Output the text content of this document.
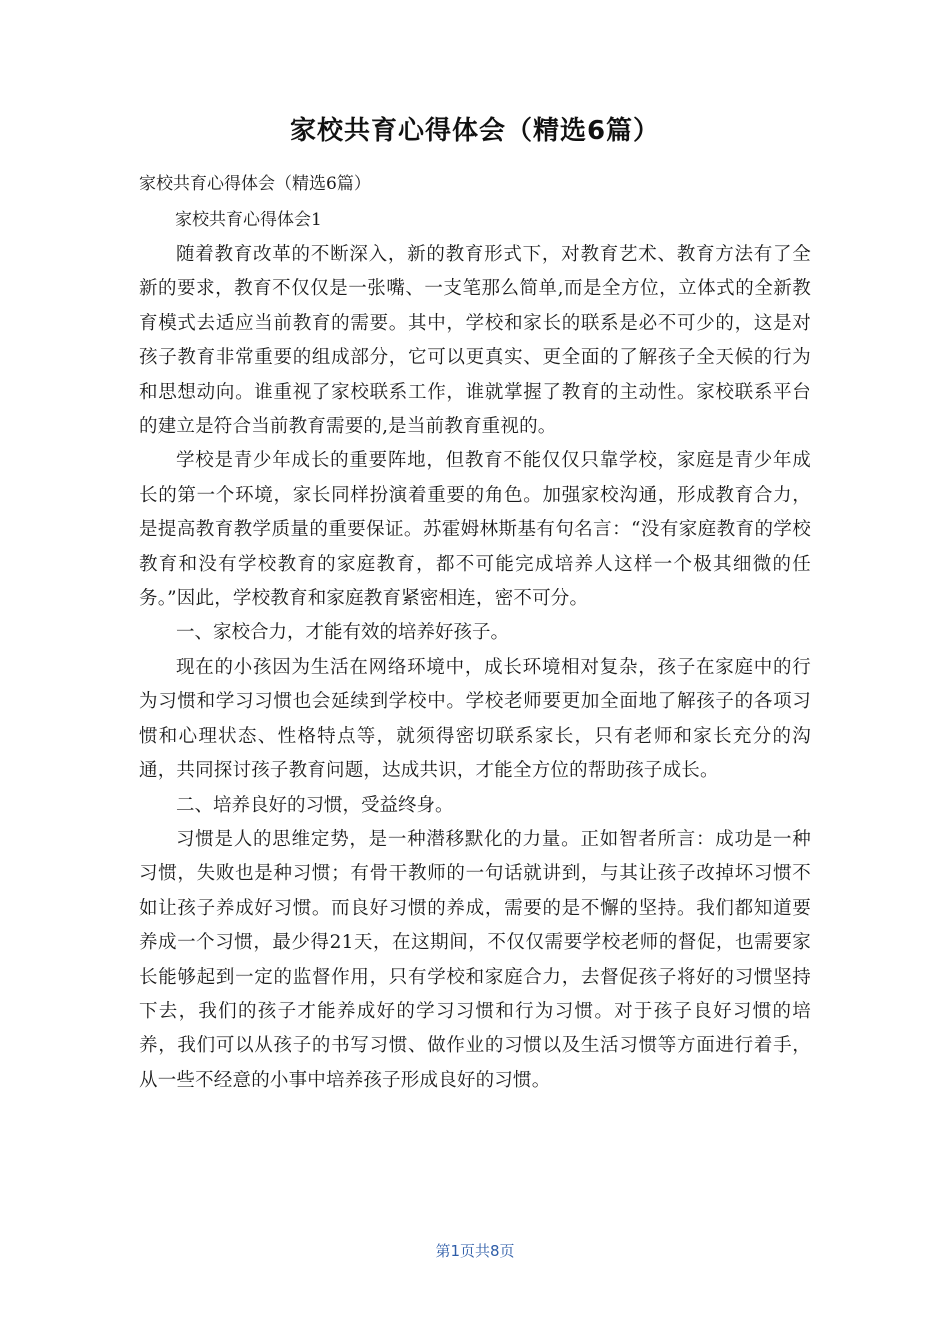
家校共育心得体会（精选6篇）

家校共育心得体会（精选6篇）

家校共育心得体会1

随着教育改革的不断深入，新的教育形式下，对教育艺术、教育方法有了全新的要求，教育不仅仅是一张嘴、一支笔那么简单,而是全方位，立体式的全新教育模式去适应当前教育的需要。其中，学校和家长的联系是必不可少的，这是对孩子教育非常重要的组成部分，它可以更真实、更全面的了解孩子全天候的行为和思想动向。谁重视了家校联系工作，谁就掌握了教育的主动性。家校联系平台的建立是符合当前教育需要的,是当前教育重视的。

学校是青少年成长的重要阵地，但教育不能仅仅只靠学校，家庭是青少年成长的第一个环境，家长同样扮演着重要的角色。加强家校沟通，形成教育合力，是提高教育教学质量的重要保证。苏霍姆林斯基有句名言：“没有家庭教育的学校教育和没有学校教育的家庭教育，都不可能完成培养人这样一个极其细微的任务。”因此，学校教育和家庭教育紧密相连，密不可分。

一、家校合力，才能有效的培养好孩子。

现在的小孩因为生活在网络环境中，成长环境相对复杂，孩子在家庭中的行为习惯和学习习惯也会延续到学校中。学校老师要更加全面地了解孩子的各项习惯和心理状态、性格特点等，就须得密切联系家长，只有老师和家长充分的沟通，共同探讨孩子教育问题，达成共识，才能全方位的帮助孩子成长。

二、培养良好的习惯，受益终身。

习惯是人的思维定势，是一种潜移默化的力量。正如智者所言：成功是一种习惯，失败也是种习惯；有骨干教师的一句话就讲到，与其让孩子改掉坏习惯不如让孩子养成好习惯。而良好习惯的养成，需要的是不懈的坚持。我们都知道要养成一个习惯，最少得21天，在这期间，不仅仅需要学校老师的督促，也需要家长能够起到一定的监督作用，只有学校和家庭合力，去督促孩子将好的习惯坚持下去，我们的孩子才能养成好的学习习惯和行为习惯。对于孩子良好习惯的培养，我们可以从孩子的书写习惯、做作业的习惯以及生活习惯等方面进行着手，从一些不经意的小事中培养孩子形成良好的习惯。

第1页共8页
